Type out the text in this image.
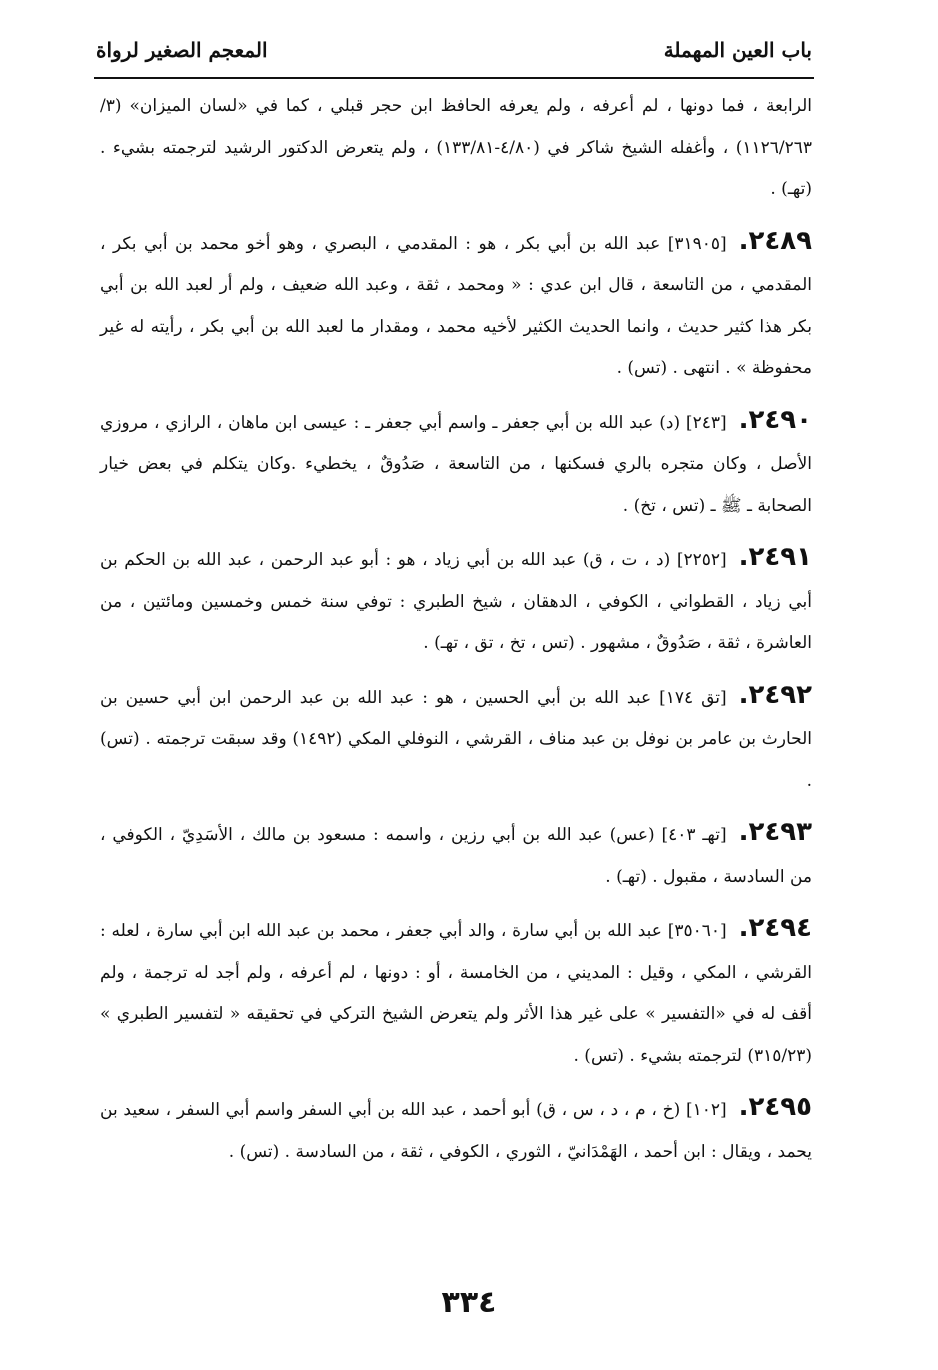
باب العين المهملة
المعجم الصغير لرواة

الرابعة ، فما دونها ، لم أعرفه ، ولم يعرفه الحافظ ابن حجر قبلي ، كما في «لسان الميزان» (٣/ ١١٢٦/٢٦٣) ، وأغفله الشيخ شاكر في (٤/٨٠-١٣٣/٨١) ، ولم يتعرض الدكتور الرشيد لترجمته بشيء . (تهـ) .

٢٤٨٩.[٣١٩٠٥] عبد الله بن أبي بكر ، هو : المقدمي ، البصري ، وهو أخو محمد بن أبي بكر ، المقدمي ، من التاسعة ، قال ابن عدي : « ومحمد ، ثقة ، وعبد الله ضعيف ، ولم أر لعبد الله بن أبي بكر هذا كثير حديث ، وانما الحديث الكثير لأخيه محمد ، ومقدار ما لعبد الله بن أبي بكر ، رأيته له غير محفوظة » . انتهى . (تس) .

٢٤٩٠.[٢٤٣] (د) عبد الله بن أبي جعفر ـ واسم أبي جعفر ـ : عيسى ابن ماهان ، الرازي ، مروزي الأصل ، وكان متجره بالري فسكنها ، من التاسعة ، صَدُوقٌ ، يخطيء .وكان يتكلم في بعض خيار الصحابة ـ ﷺ ـ (تس ، تخ) .

٢٤٩١.[٢٢٥٢] (د ، ت ، ق) عبد الله بن أبي زياد ، هو : أبو عبد الرحمن ، عبد الله بن الحكم بن أبي زياد ، القطواني ، الكوفي ، الدهقان ، شيخ الطبري : توفي سنة خمس وخمسين ومائتين ، من العاشرة ، ثقة ، صَدُوقٌ ، مشهور . (تس ، تخ ، تق ، تهـ) .

٢٤٩٢.[تق ١٧٤] عبد الله بن أبي الحسين ، هو : عبد الله بن عبد الرحمن ابن أبي حسين بن الحارث بن عامر بن نوفل بن عبد مناف ، القرشي ، النوفلي المكي (١٤٩٢) وقد سبقت ترجمته . (تس) .

٢٤٩٣.[تهـ ٤٠٣] (عس) عبد الله بن أبي رزين ، واسمه : مسعود بن مالك ، الأسَدِيّ ، الكوفي ، من السادسة ، مقبول . (تهـ) .

٢٤٩٤.[٣٥٠٦٠] عبد الله بن أبي سارة ، والد أبي جعفر ، محمد بن عبد الله ابن أبي سارة ، لعله : القرشي ، المكي ، وقيل : المديني ، من الخامسة ، أو : دونها ، لم أعرفه ، ولم أجد له ترجمة ، ولم أقف له في «التفسير » على غير هذا الأثر ولم يتعرض الشيخ التركي في تحقيقه « لتفسير الطبري » (٣١٥/٢٣) لترجمته بشيء . (تس) .

٢٤٩٥.[١٠٢] (خ ، م ، د ، س ، ق) أبو أحمد ، عبد الله بن أبي السفر واسم أبي السفر ، سعيد بن يحمد ، ويقال : ابن أحمد ، الهَمْدَانيّ ، الثوري ، الكوفي ، ثقة ، من السادسة . (تس) .

٣٣٤
